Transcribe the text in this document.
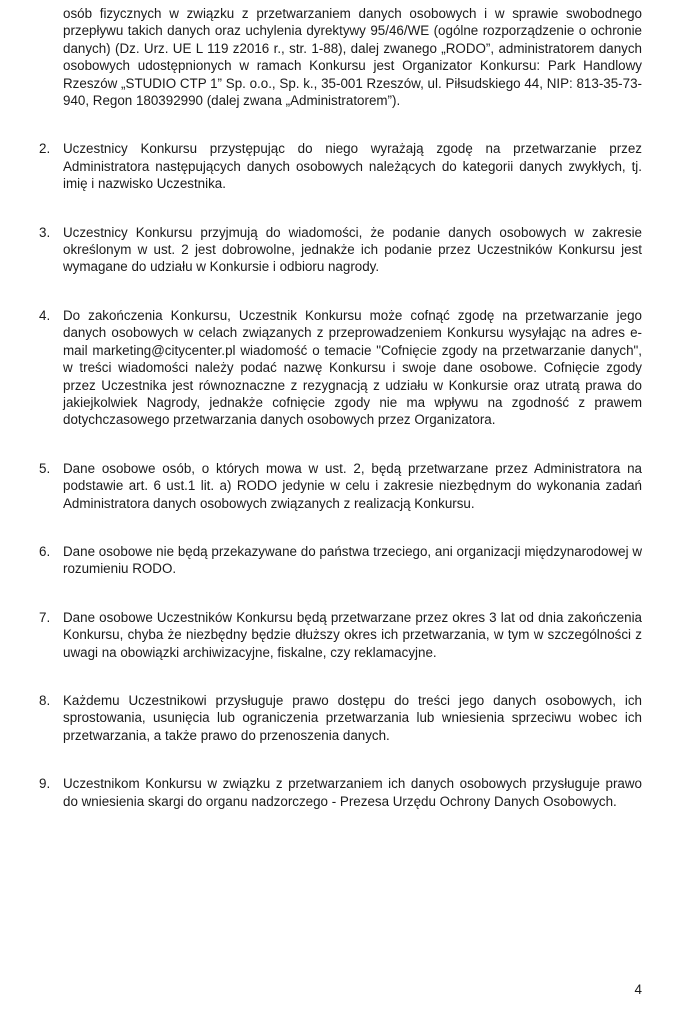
osób fizycznych w związku z przetwarzaniem danych osobowych i w sprawie swobodnego przepływu takich danych oraz uchylenia dyrektywy 95/46/WE (ogólne rozporządzenie o ochronie danych) (Dz. Urz. UE L 119 z2016 r., str. 1-88), dalej zwanego „RODO”, administratorem danych osobowych udostępnionych w ramach Konkursu jest Organizator Konkursu: Park Handlowy Rzeszów „STUDIO CTP 1” Sp. o.o., Sp. k., 35-001 Rzeszów, ul. Piłsudskiego 44, NIP: 813-35-73-940, Regon 180392990 (dalej zwana „Administratorem”).

2. Uczestnicy Konkursu przystępując do niego wyrażają zgodę na przetwarzanie przez Administratora następujących danych osobowych należących do kategorii danych zwykłych, tj. imię i nazwisko Uczestnika.
3. Uczestnicy Konkursu przyjmują do wiadomości, że podanie danych osobowych w zakresie określonym w ust. 2 jest dobrowolne, jednakże ich podanie przez Uczestników Konkursu jest wymagane do udziału w Konkursie i odbioru nagrody.
4. Do zakończenia Konkursu, Uczestnik Konkursu może cofnąć zgodę na przetwarzanie jego danych osobowych w celach związanych z przeprowadzeniem Konkursu wysyłając na adres e-mail marketing@citycenter.pl wiadomość o temacie "Cofnięcie zgody na przetwarzanie danych", w treści wiadomości należy podać nazwę Konkursu i swoje dane osobowe. Cofnięcie zgody przez Uczestnika jest równoznaczne z rezygnacją z udziału w Konkursie oraz utratą prawa do jakiejkolwiek Nagrody, jednakże cofnięcie zgody nie ma wpływu na zgodność z prawem dotychczasowego przetwarzania danych osobowych przez Organizatora.
5. Dane osobowe osób, o których mowa w ust. 2, będą przetwarzane przez Administratora na podstawie art. 6 ust.1 lit. a) RODO jedynie w celu i zakresie niezbędnym do wykonania zadań Administratora danych osobowych związanych z realizacją Konkursu.
6. Dane osobowe nie będą przekazywane do państwa trzeciego, ani organizacji międzynarodowej w rozumieniu RODO.
7. Dane osobowe Uczestników Konkursu będą przetwarzane przez okres 3 lat od dnia zakończenia Konkursu, chyba że niezbędny będzie dłuższy okres ich przetwarzania, w tym w szczególności z uwagi na obowiązki archiwizacyjne, fiskalne, czy reklamacyjne.
8. Każdemu Uczestnikowi przysługuje prawo dostępu do treści jego danych osobowych, ich sprostowania, usunięcia lub ograniczenia przetwarzania lub wniesienia sprzeciwu wobec ich przetwarzania, a także prawo do przenoszenia danych.
9. Uczestnikom Konkursu w związku z przetwarzaniem ich danych osobowych przysługuje prawo do wniesienia skargi do organu nadzorczego - Prezesa Urzędu Ochrony Danych Osobowych.
4
